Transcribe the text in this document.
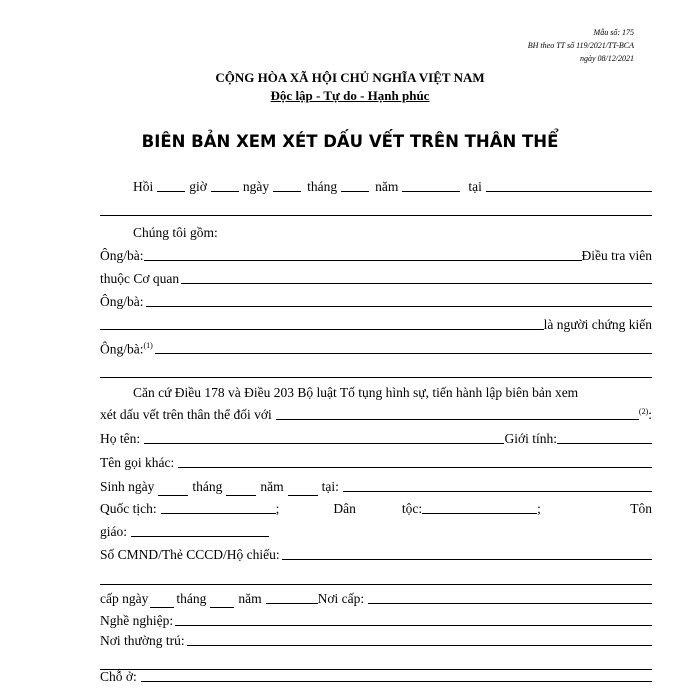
Mẫu số: 175
BH theo TT số 119/2021/TT-BCA
ngày 08/12/2021
CỘNG HÒA XÃ HỘI CHỦ NGHĨA VIỆT NAM
Độc lập - Tự do - Hạnh phúc
BIÊN BẢN XEM XÉT DẤU VẾT TRÊN THÂN THỂ
Hồi	giờ	ngày	tháng	năm	tại
Chúng tôi gồm:
Ông/bà:	Điều tra viên
thuộc Cơ quan
Ông/bà:
là người chứng kiến
Ông/bà:$^{(1)}$
Căn cứ Điều 178 và Điều 203 Bộ luật Tố tụng hình sự, tiến hành lập biên bản xem
xét dấu vết trên thân thể đối với	(2) :
Họ tên:	Giới tính:
Tên gọi khác:
Sinh ngày	tháng	năm	tại:
Quốc tịch:	;	Dân	tộc:	;	Tôn
giáo:
Số CMND/Thẻ CCCD/Hộ chiếu:
cấp ngày tháng năm	Nơi cấp:
Nghề nghiệp:
Nơi thường trú:
Chỗ ở:
